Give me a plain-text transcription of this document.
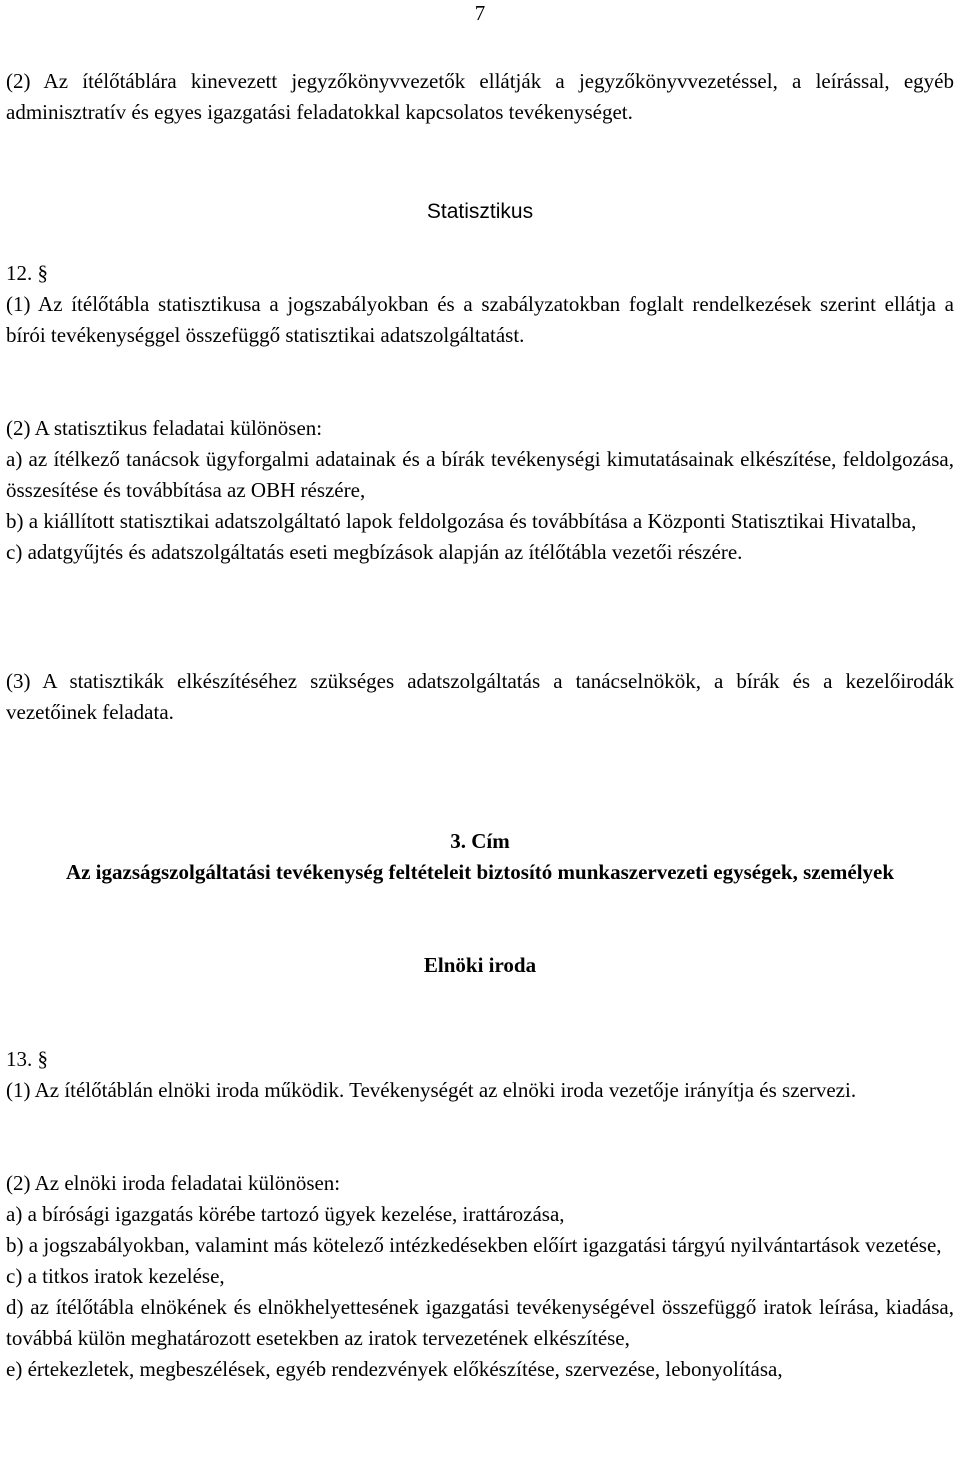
7

(2) Az ítélőtáblára kinevezett jegyzőkönyvvezetők ellátják a jegyzőkönyvvezetéssel, a leírással, egyéb adminisztratív és egyes igazgatási feladatokkal kapcsolatos tevékenységet.

Statisztikus
12. §

(1) Az ítélőtábla statisztikusa a jogszabályokban és a szabályzatokban foglalt rendelkezések szerint ellátja a bírói tevékenységgel összefüggő statisztikai adatszolgáltatást.

(2) A statisztikus feladatai különösen:
a) az ítélkező tanácsok ügyforgalmi adatainak és a bírák tevékenységi kimutatásainak elkészítése, feldolgozása, összesítése és továbbítása az OBH részére,
b) a kiállított statisztikai adatszolgáltató lapok feldolgozása és továbbítása a Központi Statisztikai Hivatalba,
c) adatgyűjtés és adatszolgáltatás eseti megbízások alapján az ítélőtábla vezetői részére.

(3) A statisztikák elkészítéséhez szükséges adatszolgáltatás a tanácselnökök, a bírák és a kezelőirodák vezetőinek feladata.

3. Cím
Az igazságszolgáltatási tevékenység feltételeit biztosító munkaszervezeti egységek, személyek
Elnöki iroda
13. §

(1) Az ítélőtáblán elnöki iroda működik. Tevékenységét az elnöki iroda vezetője irányítja és szervezi.

(2) Az elnöki iroda feladatai különösen:
a) a bírósági igazgatás körébe tartozó ügyek kezelése, irattározása,
b) a jogszabályokban, valamint más kötelező intézkedésekben előírt igazgatási tárgyú nyilvántartások vezetése,
c) a titkos iratok kezelése,
d) az ítélőtábla elnökének és elnökhelyettesének igazgatási tevékenységével összefüggő iratok leírása, kiadása, továbbá külön meghatározott esetekben az iratok tervezetének elkészítése,
e) értekezletek, megbeszélések, egyéb rendezvények előkészítése, szervezése, lebonyolítása,
